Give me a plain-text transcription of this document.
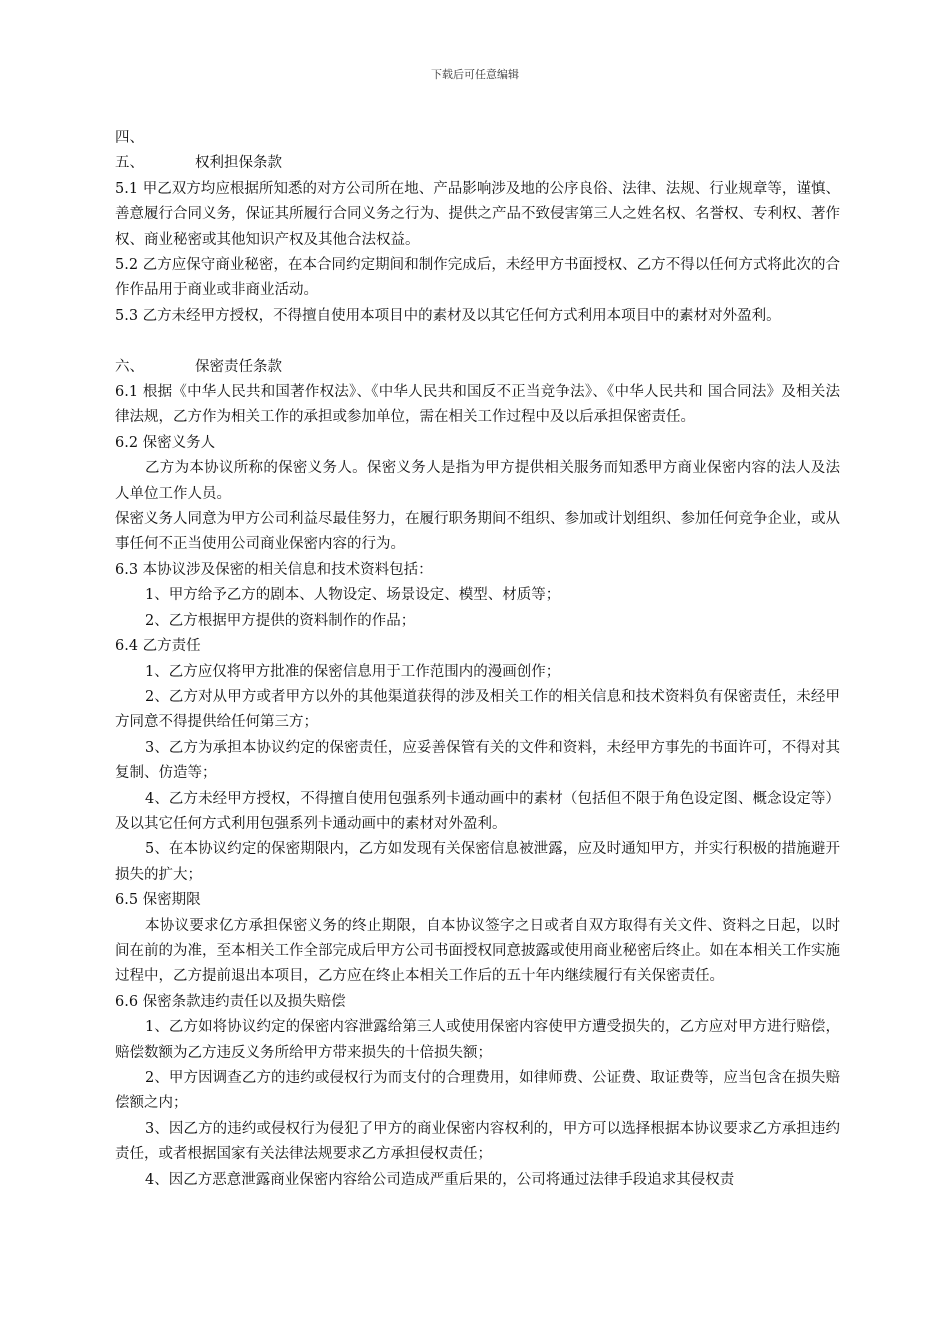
下载后可任意编辑

四、

五、	权利担保条款

5.1 甲乙双方均应根据所知悉的对方公司所在地、产品影响涉及地的公序良俗、法律、法规、行业规章等，谨慎、善意履行合同义务，保证其所履行合同义务之行为、提供之产品不致侵害第三人之姓名权、名誉权、专利权、著作权、商业秘密或其他知识产权及其他合法权益。

5.2 乙方应保守商业秘密，在本合同约定期间和制作完成后，未经甲方书面授权、乙方不得以任何方式将此次的合作作品用于商业或非商业活动。

5.3 乙方未经甲方授权，不得擅自使用本项目中的素材及以其它任何方式利用本项目中的素材对外盈利。

六、	保密责任条款

6.1 根据《中华人民共和国著作权法》、《中华人民共和国反不正当竞争法》、《中华人民共和 国合同法》及相关法律法规，乙方作为相关工作的承担或参加单位，需在相关工作过程中及以后承担保密责任。

6.2 保密义务人

乙方为本协议所称的保密义务人。保密义务人是指为甲方提供相关服务而知悉甲方商业保密内容的法人及法人单位工作人员。

保密义务人同意为甲方公司利益尽最佳努力，在履行职务期间不组织、参加或计划组织、参加任何竞争企业，或从事任何不正当使用公司商业保密内容的行为。

6.3 本协议涉及保密的相关信息和技术资料包括：

1、甲方给予乙方的剧本、人物设定、场景设定、模型、材质等；

2、乙方根据甲方提供的资料制作的作品；

6.4 乙方责任

1、乙方应仅将甲方批准的保密信息用于工作范围内的漫画创作；

2、乙方对从甲方或者甲方以外的其他渠道获得的涉及相关工作的相关信息和技术资料负有保密责任，未经甲方同意不得提供给任何第三方；

3、乙方为承担本协议约定的保密责任，应妥善保管有关的文件和资料，未经甲方事先的书面许可，不得对其复制、仿造等；

4、乙方未经甲方授权，不得擅自使用包强系列卡通动画中的素材（包括但不限于角色设定图、概念设定等）及以其它任何方式利用包强系列卡通动画中的素材对外盈利。

5、在本协议约定的保密期限内，乙方如发现有关保密信息被泄露，应及时通知甲方，并实行积极的措施避开损失的扩大；

6.5 保密期限

本协议要求亿方承担保密义务的终止期限，自本协议签字之日或者自双方取得有关文件、资料之日起，以时间在前的为准，至本相关工作全部完成后甲方公司书面授权同意披露或使用商业秘密后终止。如在本相关工作实施过程中，乙方提前退出本项目，乙方应在终止本相关工作后的五十年内继续履行有关保密责任。

6.6 保密条款违约责任以及损失赔偿

1、乙方如将协议约定的保密内容泄露给第三人或使用保密内容使甲方遭受损失的，乙方应对甲方进行赔偿，赔偿数额为乙方违反义务所给甲方带来损失的十倍损失额；

2、甲方因调查乙方的违约或侵权行为而支付的合理费用，如律师费、公证费、取证费等，应当包含在损失赔偿额之内；

3、因乙方的违约或侵权行为侵犯了甲方的商业保密内容权利的，甲方可以选择根据本协议要求乙方承担违约责任，或者根据国家有关法律法规要求乙方承担侵权责任；

4、因乙方恶意泄露商业保密内容给公司造成严重后果的，公司将通过法律手段追求其侵权责
